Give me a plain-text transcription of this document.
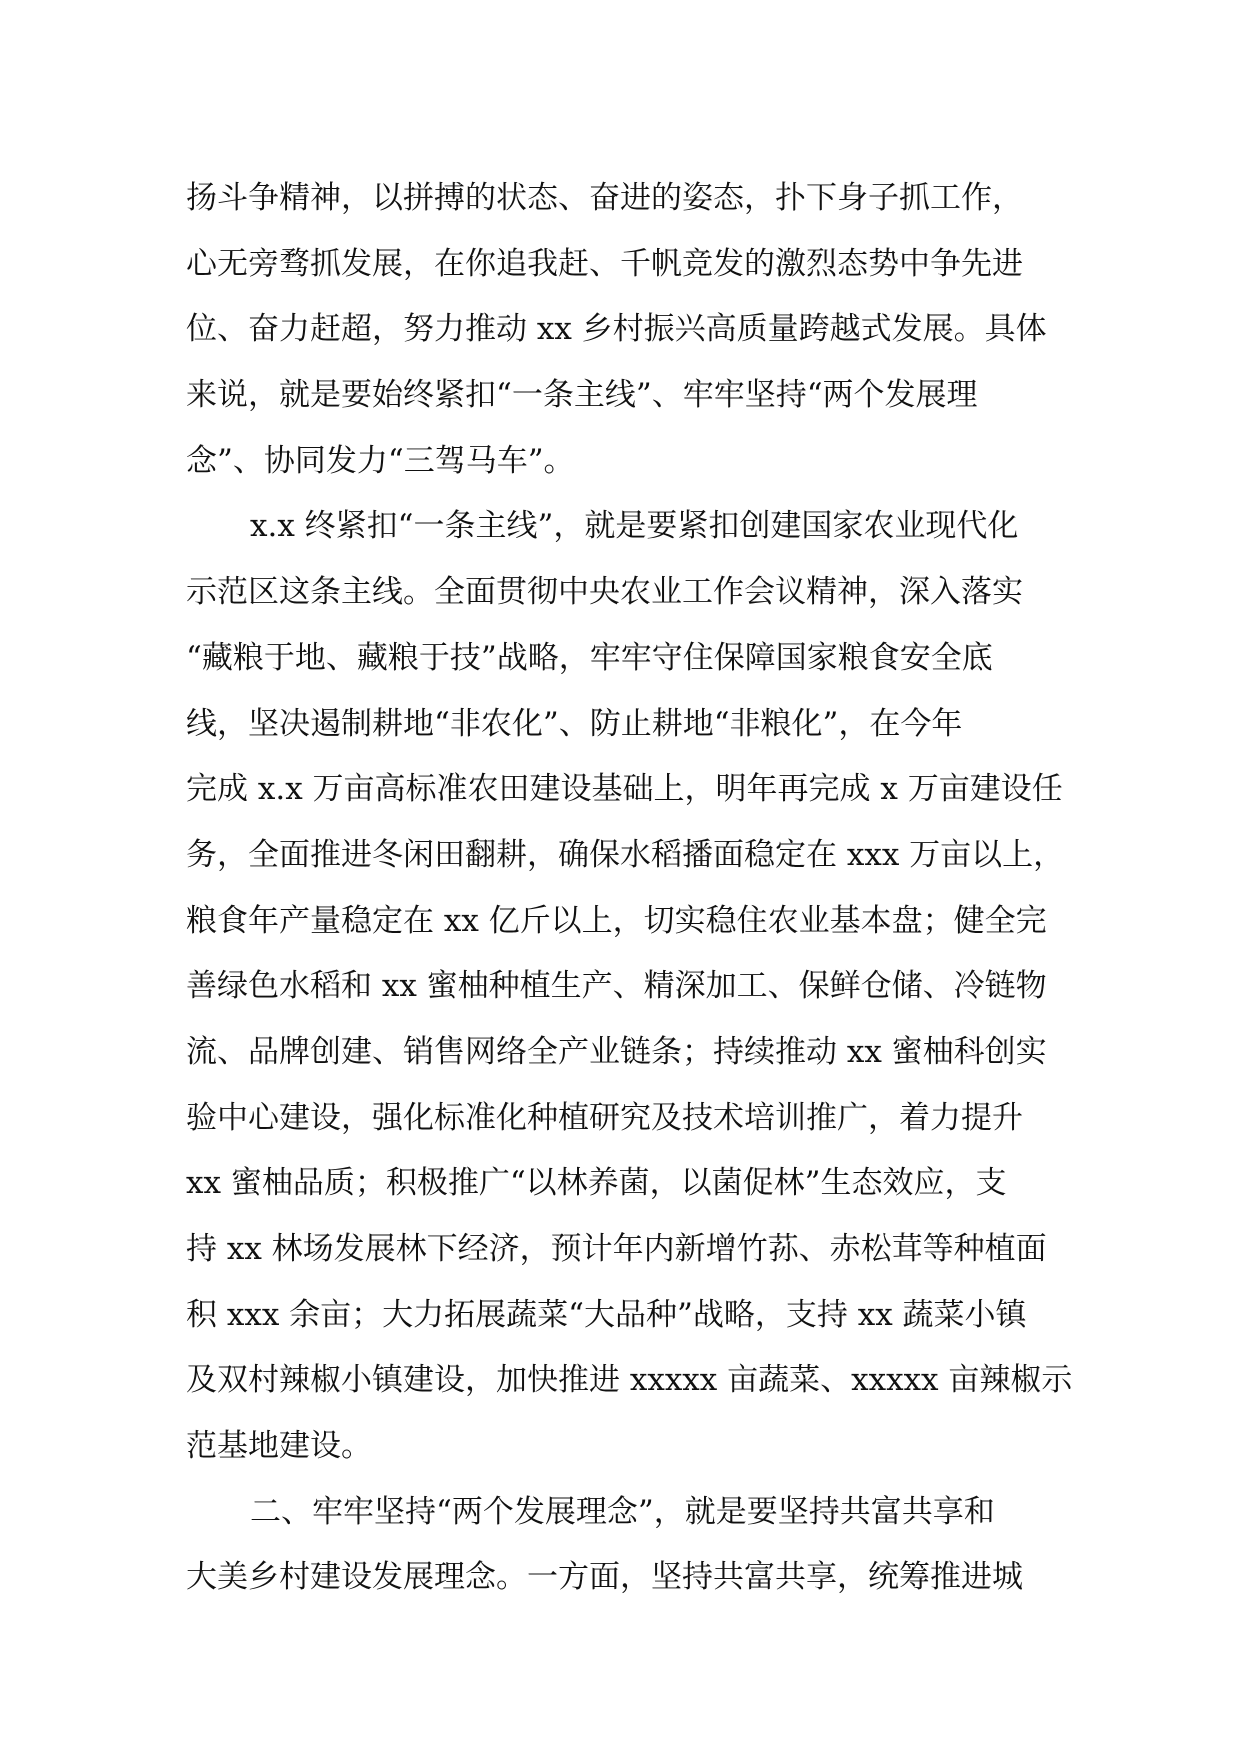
扬斗争精神，以拼搏的状态、奋进的姿态，扑下身子抓工作，
心无旁骛抓发展，在你追我赶、千帆竞发的激烈态势中争先进
位、奋力赶超，努力推动 xx 乡村振兴高质量跨越式发展。具体
来说，就是要始终紧扣“一条主线”、牢牢坚持“两个发展理
念”、协同发力“三驾马车”。
x.x 终紧扣“一条主线”，就是要紧扣创建国家农业现代化
示范区这条主线。全面贯彻中央农业工作会议精神，深入落实
“藏粮于地、藏粮于技”战略，牢牢守住保障国家粮食安全底
线，坚决遏制耕地“非农化”、防止耕地“非粮化”，在今年
完成 x.x 万亩高标准农田建设基础上，明年再完成 x 万亩建设任
务，全面推进冬闲田翻耕，确保水稻播面稳定在 xxx 万亩以上，
粮食年产量稳定在 xx 亿斤以上，切实稳住农业基本盘；健全完
善绿色水稻和 xx 蜜柚种植生产、精深加工、保鲜仓储、冷链物
流、品牌创建、销售网络全产业链条；持续推动 xx 蜜柚科创实
验中心建设，强化标准化种植研究及技术培训推广，着力提升
xx 蜜柚品质；积极推广“以林养菌，以菌促林”生态效应，支
持 xx 林场发展林下经济，预计年内新增竹荪、赤松茸等种植面
积 xxx 余亩；大力拓展蔬菜“大品种”战略，支持 xx 蔬菜小镇
及双村辣椒小镇建设，加快推进 xxxxx 亩蔬菜、xxxxx 亩辣椒示
范基地建设。
二、牢牢坚持“两个发展理念”，就是要坚持共富共享和
大美乡村建设发展理念。一方面，坚持共富共享，统筹推进城
